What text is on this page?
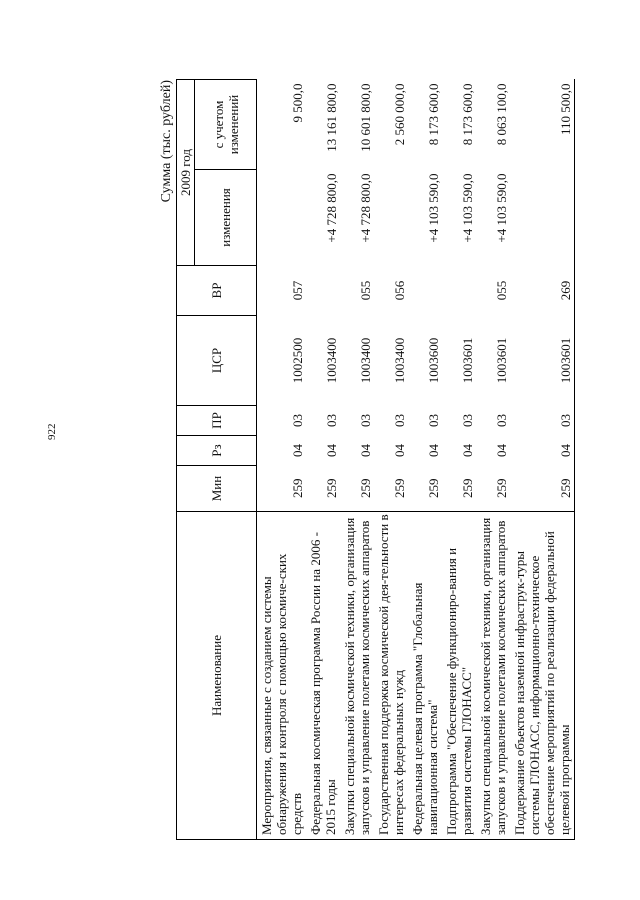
922
Сумма (тыс. рублей)
Наименование	Мин	Рз	ПР	ЦСР	ВР	2009 год	
						изменения	с учетом изменений
Мероприятия, связанные с созданием системы обнаружения и контроля с помощью космиче-ских средств	259	04	03	1002500	057		9 500,0
Федеральная космическая программа России на 2006 - 2015 годы	259	04	03	1003400		+4 728 800,0	13 161 800,0
Закупки специальной космической техники, организация запусков и управление полетами космических аппаратов	259	04	03	1003400	055	+4 728 800,0	10 601 800,0
Государственная поддержка космической дея-тельности в интересах федеральных нужд	259	04	03	1003400	056		2 560 000,0
Федеральная целевая программа "Глобальная навигационная система"	259	04	03	1003600		+4 103 590,0	8 173 600,0
Подпрограмма "Обеспечение функциониро-вания и развития системы ГЛОНАСС"	259	04	03	1003601		+4 103 590,0	8 173 600,0
Закупки специальной космической техники, организация запусков и управление полетами космических аппаратов	259	04	03	1003601	055	+4 103 590,0	8 063 100,0
Поддержание объектов наземной инфраструк-туры системы ГЛОНАСС, информационно-техническое обеспечение мероприятий по реализации федеральной целевой программы	259	04	03	1003601	269		110 500,0
